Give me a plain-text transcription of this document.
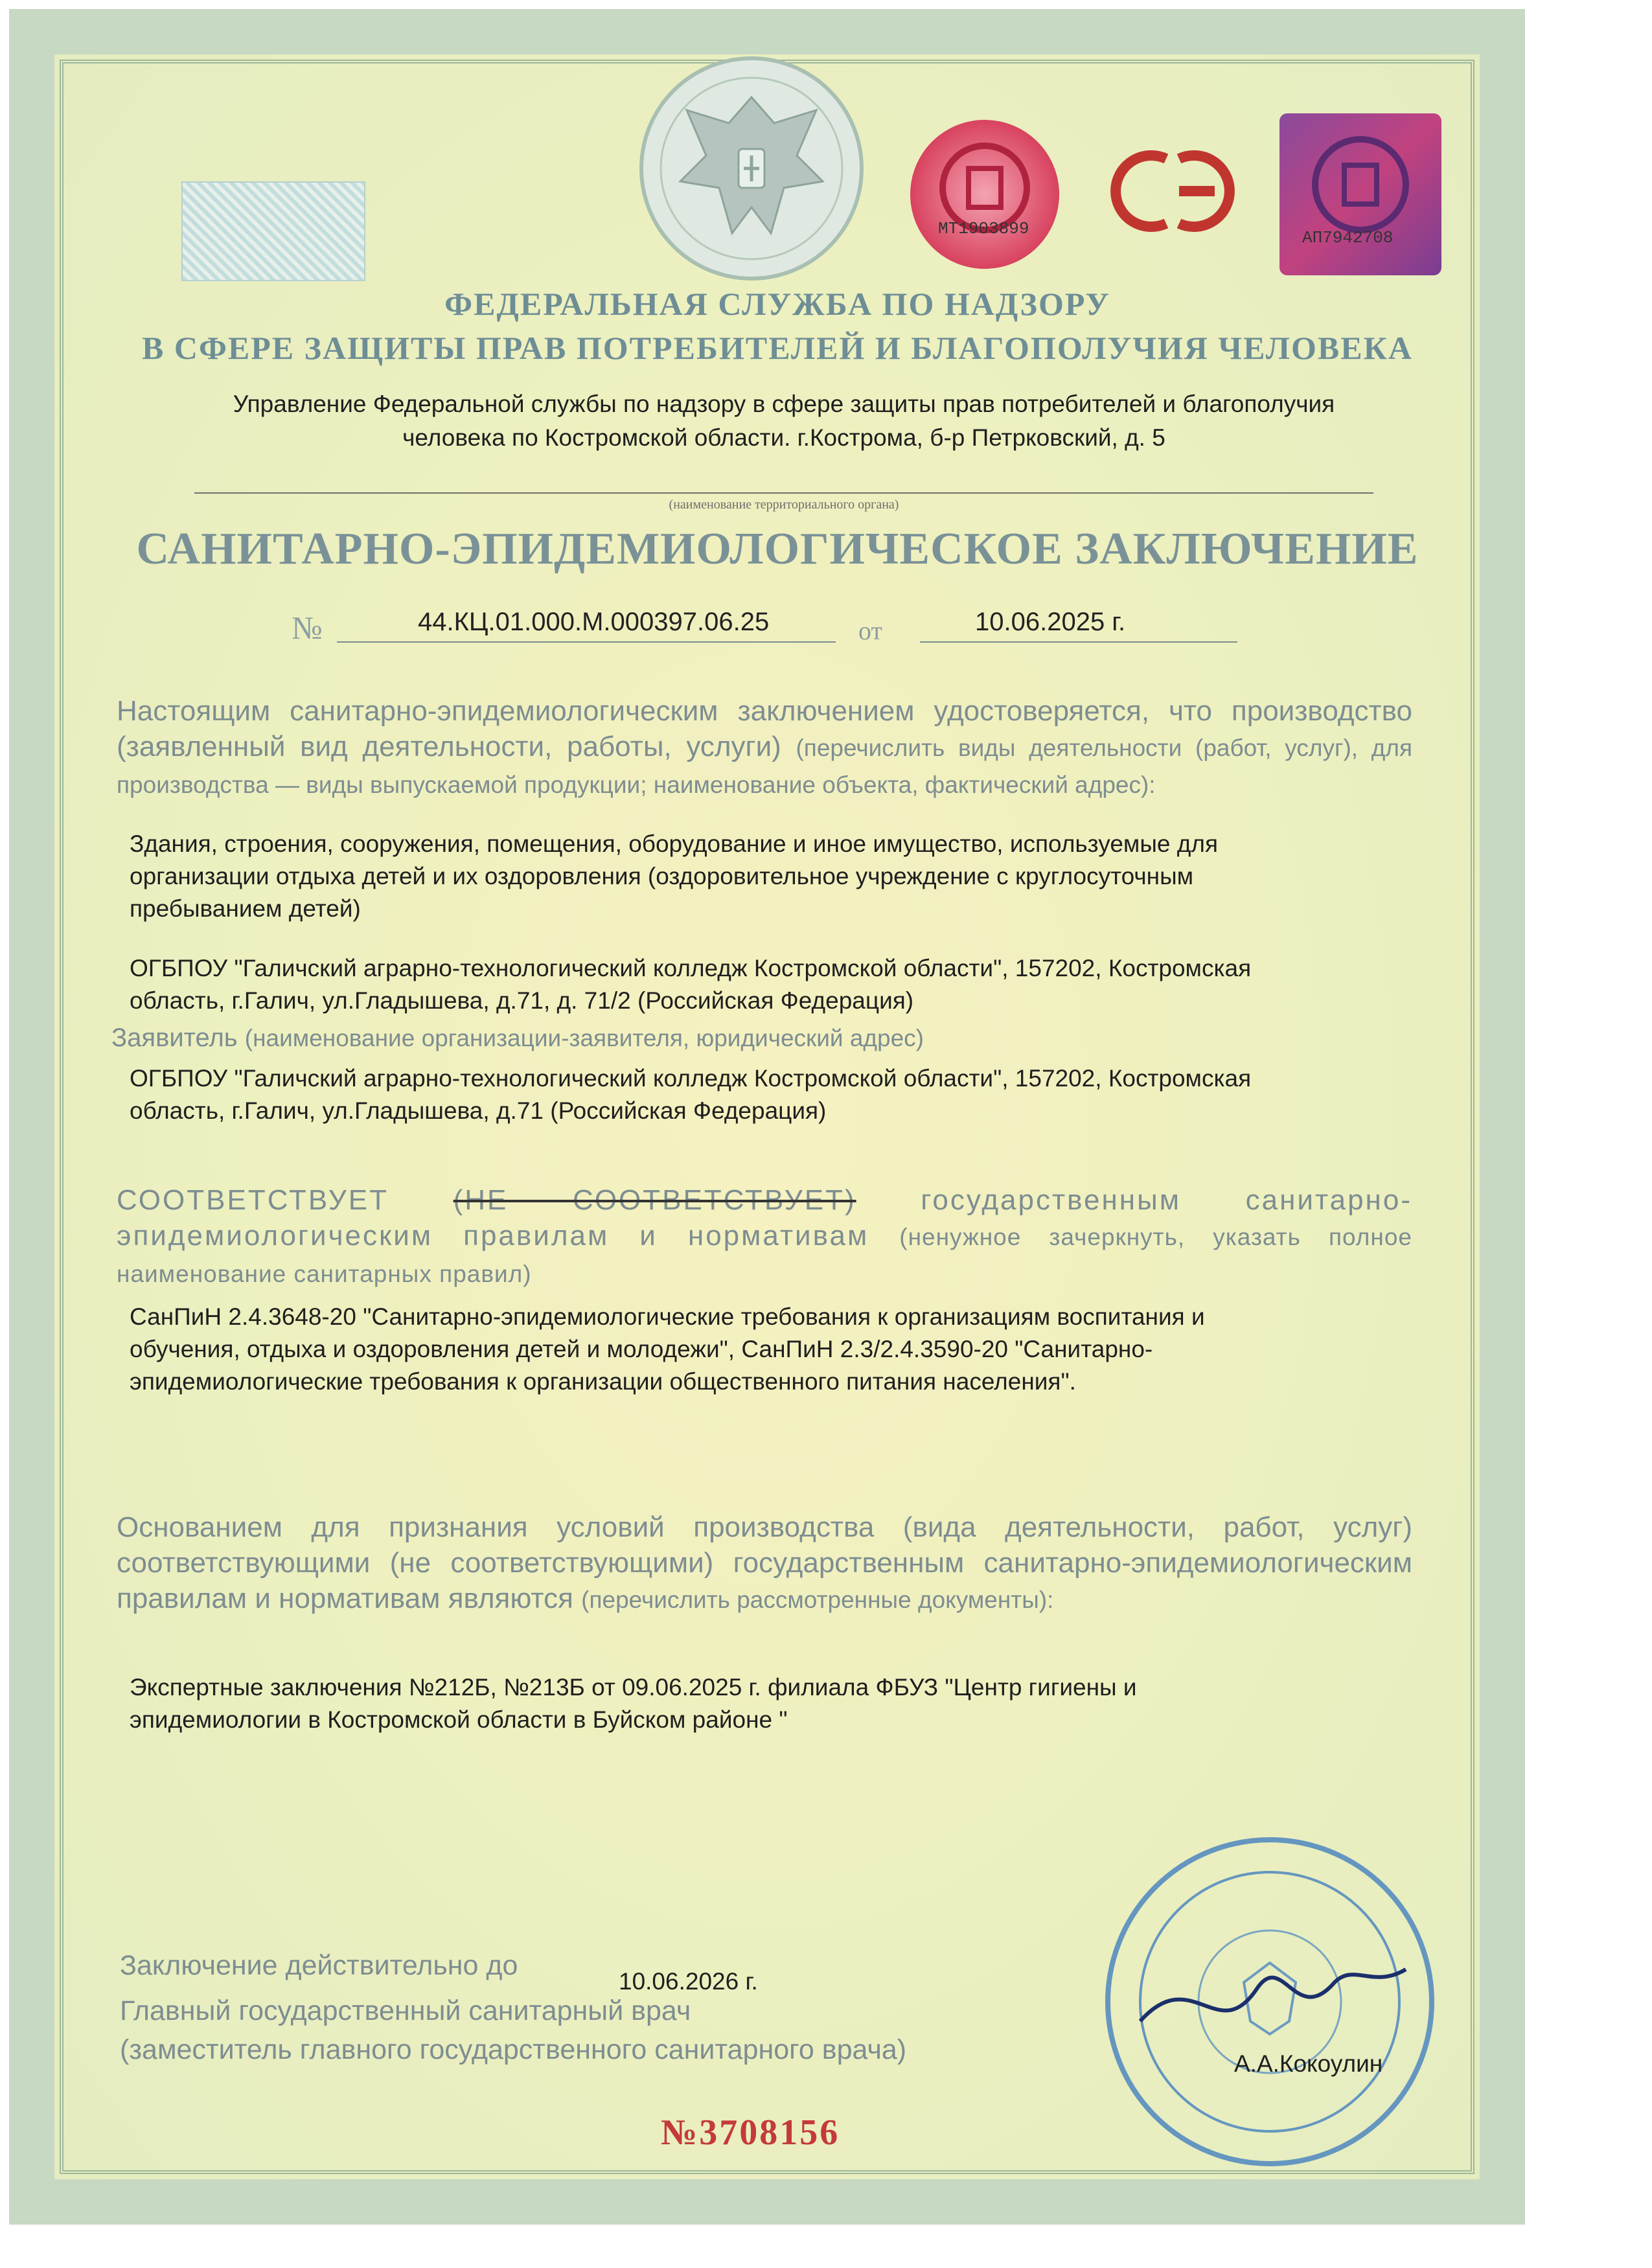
МТ1903899	АП7942708
ФЕДЕРАЛЬНАЯ СЛУЖБА ПО НАДЗОРУ
В СФЕРЕ ЗАЩИТЫ ПРАВ ПОТРЕБИТЕЛЕЙ И БЛАГОПОЛУЧИЯ ЧЕЛОВЕКА
Управление Федеральной службы по надзору в сфере защиты прав потребителей и благополучия
человека по Костромской области. г.Кострома, б-р Петрковский, д. 5
(наименование территориального органа)
САНИТАРНО-ЭПИДЕМИОЛОГИЧЕСКОЕ ЗАКЛЮЧЕНИЕ
№	44.КЦ.01.000.М.000397.06.25	от	10.06.2025 г.
Настоящим санитарно-эпидемиологическим заключением удостоверяется, что производство (заявленный вид деятельности, работы, услуги) (перечислить виды деятельности (работ, услуг), для производства — виды выпускаемой продукции; наименование объекта, фактический адрес):
Здания, строения, сооружения, помещения, оборудование и иное имущество, используемые для
организации отдыха детей и их оздоровления (оздоровительное учреждение с круглосуточным
пребыванием детей)
ОГБПОУ "Галичский аграрно-технологический колледж Костромской области", 157202, Костромская
область, г.Галич, ул.Гладышева, д.71, д. 71/2 (Российская Федерация)
Заявитель (наименование организации-заявителя, юридический адрес)
ОГБПОУ "Галичский аграрно-технологический колледж Костромской области", 157202, Костромская
область, г.Галич, ул.Гладышева, д.71 (Российская Федерация)
СООТВЕТСТВУЕТ (НЕ СООТВЕТСТВУЕТ) государственным санитарно-эпидемиологическим правилам и нормативам (ненужное зачеркнуть, указать полное наименование санитарных правил)
СанПиН 2.4.3648-20 "Санитарно-эпидемиологические требования к организациям воспитания и
обучения, отдыха и оздоровления детей и молодежи", СанПиН 2.3/2.4.3590-20 "Санитарно-
эпидемиологические требования к организации общественного питания населения".
Основанием для признания условий производства (вида деятельности, работ, услуг) соответствующими (не соответствующими) государственным санитарно-эпидемиологическим правилам и нормативам являются (перечислить рассмотренные документы):
Экспертные заключения №212Б, №213Б от 09.06.2025 г. филиала ФБУЗ "Центр гигиены и
эпидемиологии в Костромской области в Буйском районе "
Заключение действительно до
10.06.2026 г.
Главный государственный санитарный врач
(заместитель главного государственного санитарного врача)	А.А.Кокоулин
№3708156
